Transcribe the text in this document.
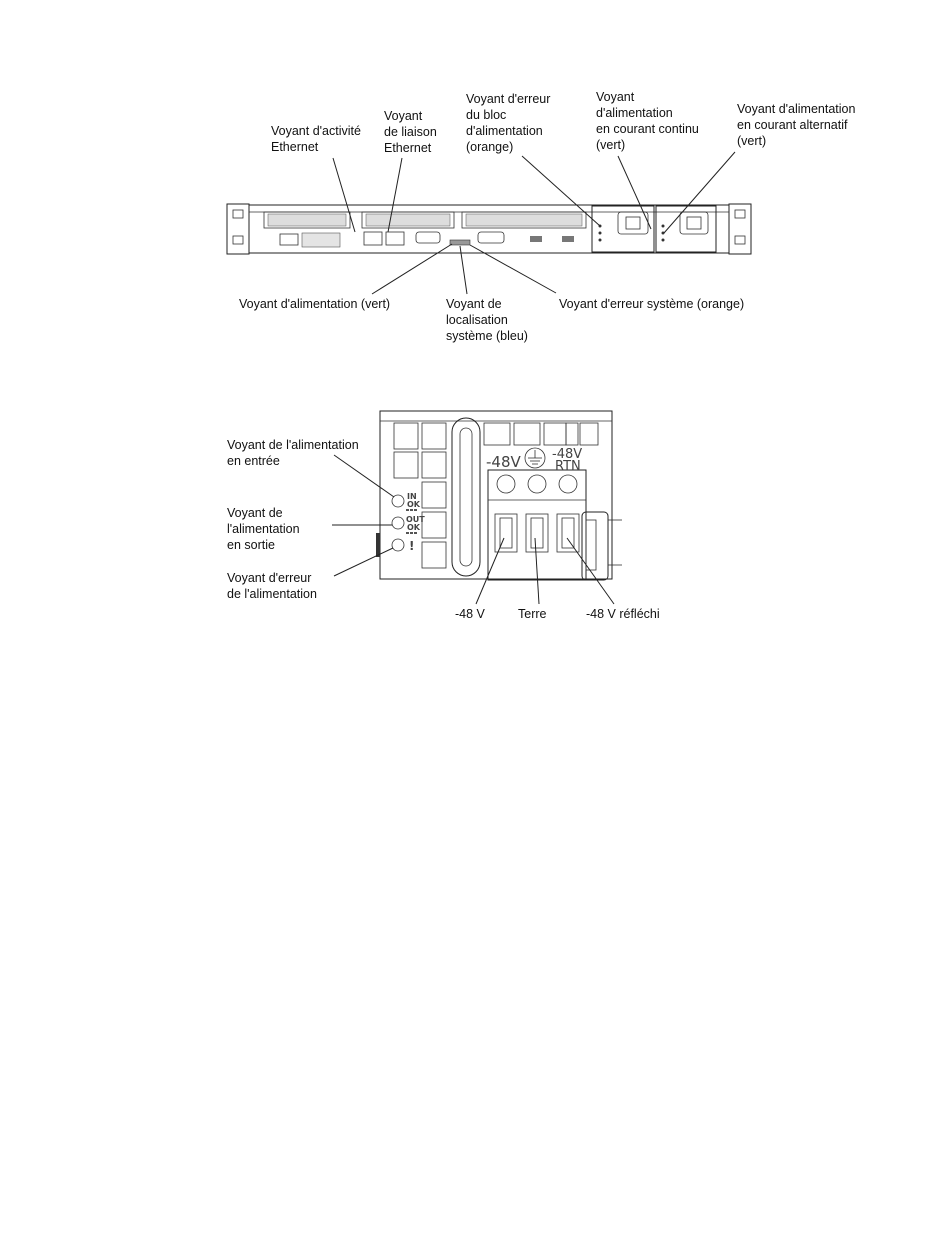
Voyant d'activité
Ethernet
Voyant
de liaison
Ethernet
Voyant d'erreur
du bloc
d'alimentation
(orange)
Voyant
d'alimentation
en courant continu
(vert)
Voyant d'alimentation
en courant alternatif
(vert)
Voyant d'alimentation (vert)	Voyant de
localisation
système (bleu)
Voyant d'erreur système (orange)
IN
OK
OUT
OK
!
-48V -48V
RTN
Voyant de l'alimentation
en entrée
Voyant de
l'alimentation
en sortie
Voyant d'erreur
de l'alimentation
-48 V	Terre	-48 V réfléchi
